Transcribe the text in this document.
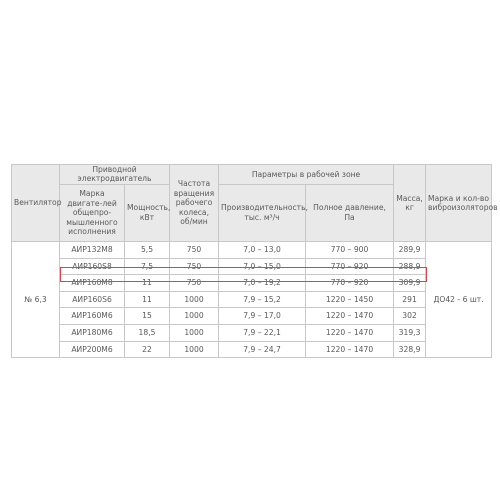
Вентилятор	Приводной электродвигатель		Частота вращения рабочего колеса, об/мин	Параметры в рабочей зоне		Масса, кг	Марка и кол-во виброизоляторов
	Марка двигате-лей общепро-мышленного исполнения	Мощность, кВт		Производительность, тыс. м³/ч	Полное давление, Па		
№ 6,3	АИР132М8	5,5	750	7,0 – 13,0	770 – 900	289,9	ДО42 - 6 шт.
	АИР160S8	7,5	750	7,0 – 15,0	770 – 920	288,9	
	АИР160М8	11	750	7,0 – 19,2	770 – 920	309,9	
	АИР160S6	11	1000	7,9 – 15,2	1220 – 1450	291	
	АИР160М6	15	1000	7,9 – 17,0	1220 – 1470	302	
	АИР180М6	18,5	1000	7,9 – 22,1	1220 – 1470	319,3	
	АИР200М6	22	1000	7,9 – 24,7	1220 – 1470	328,9	
